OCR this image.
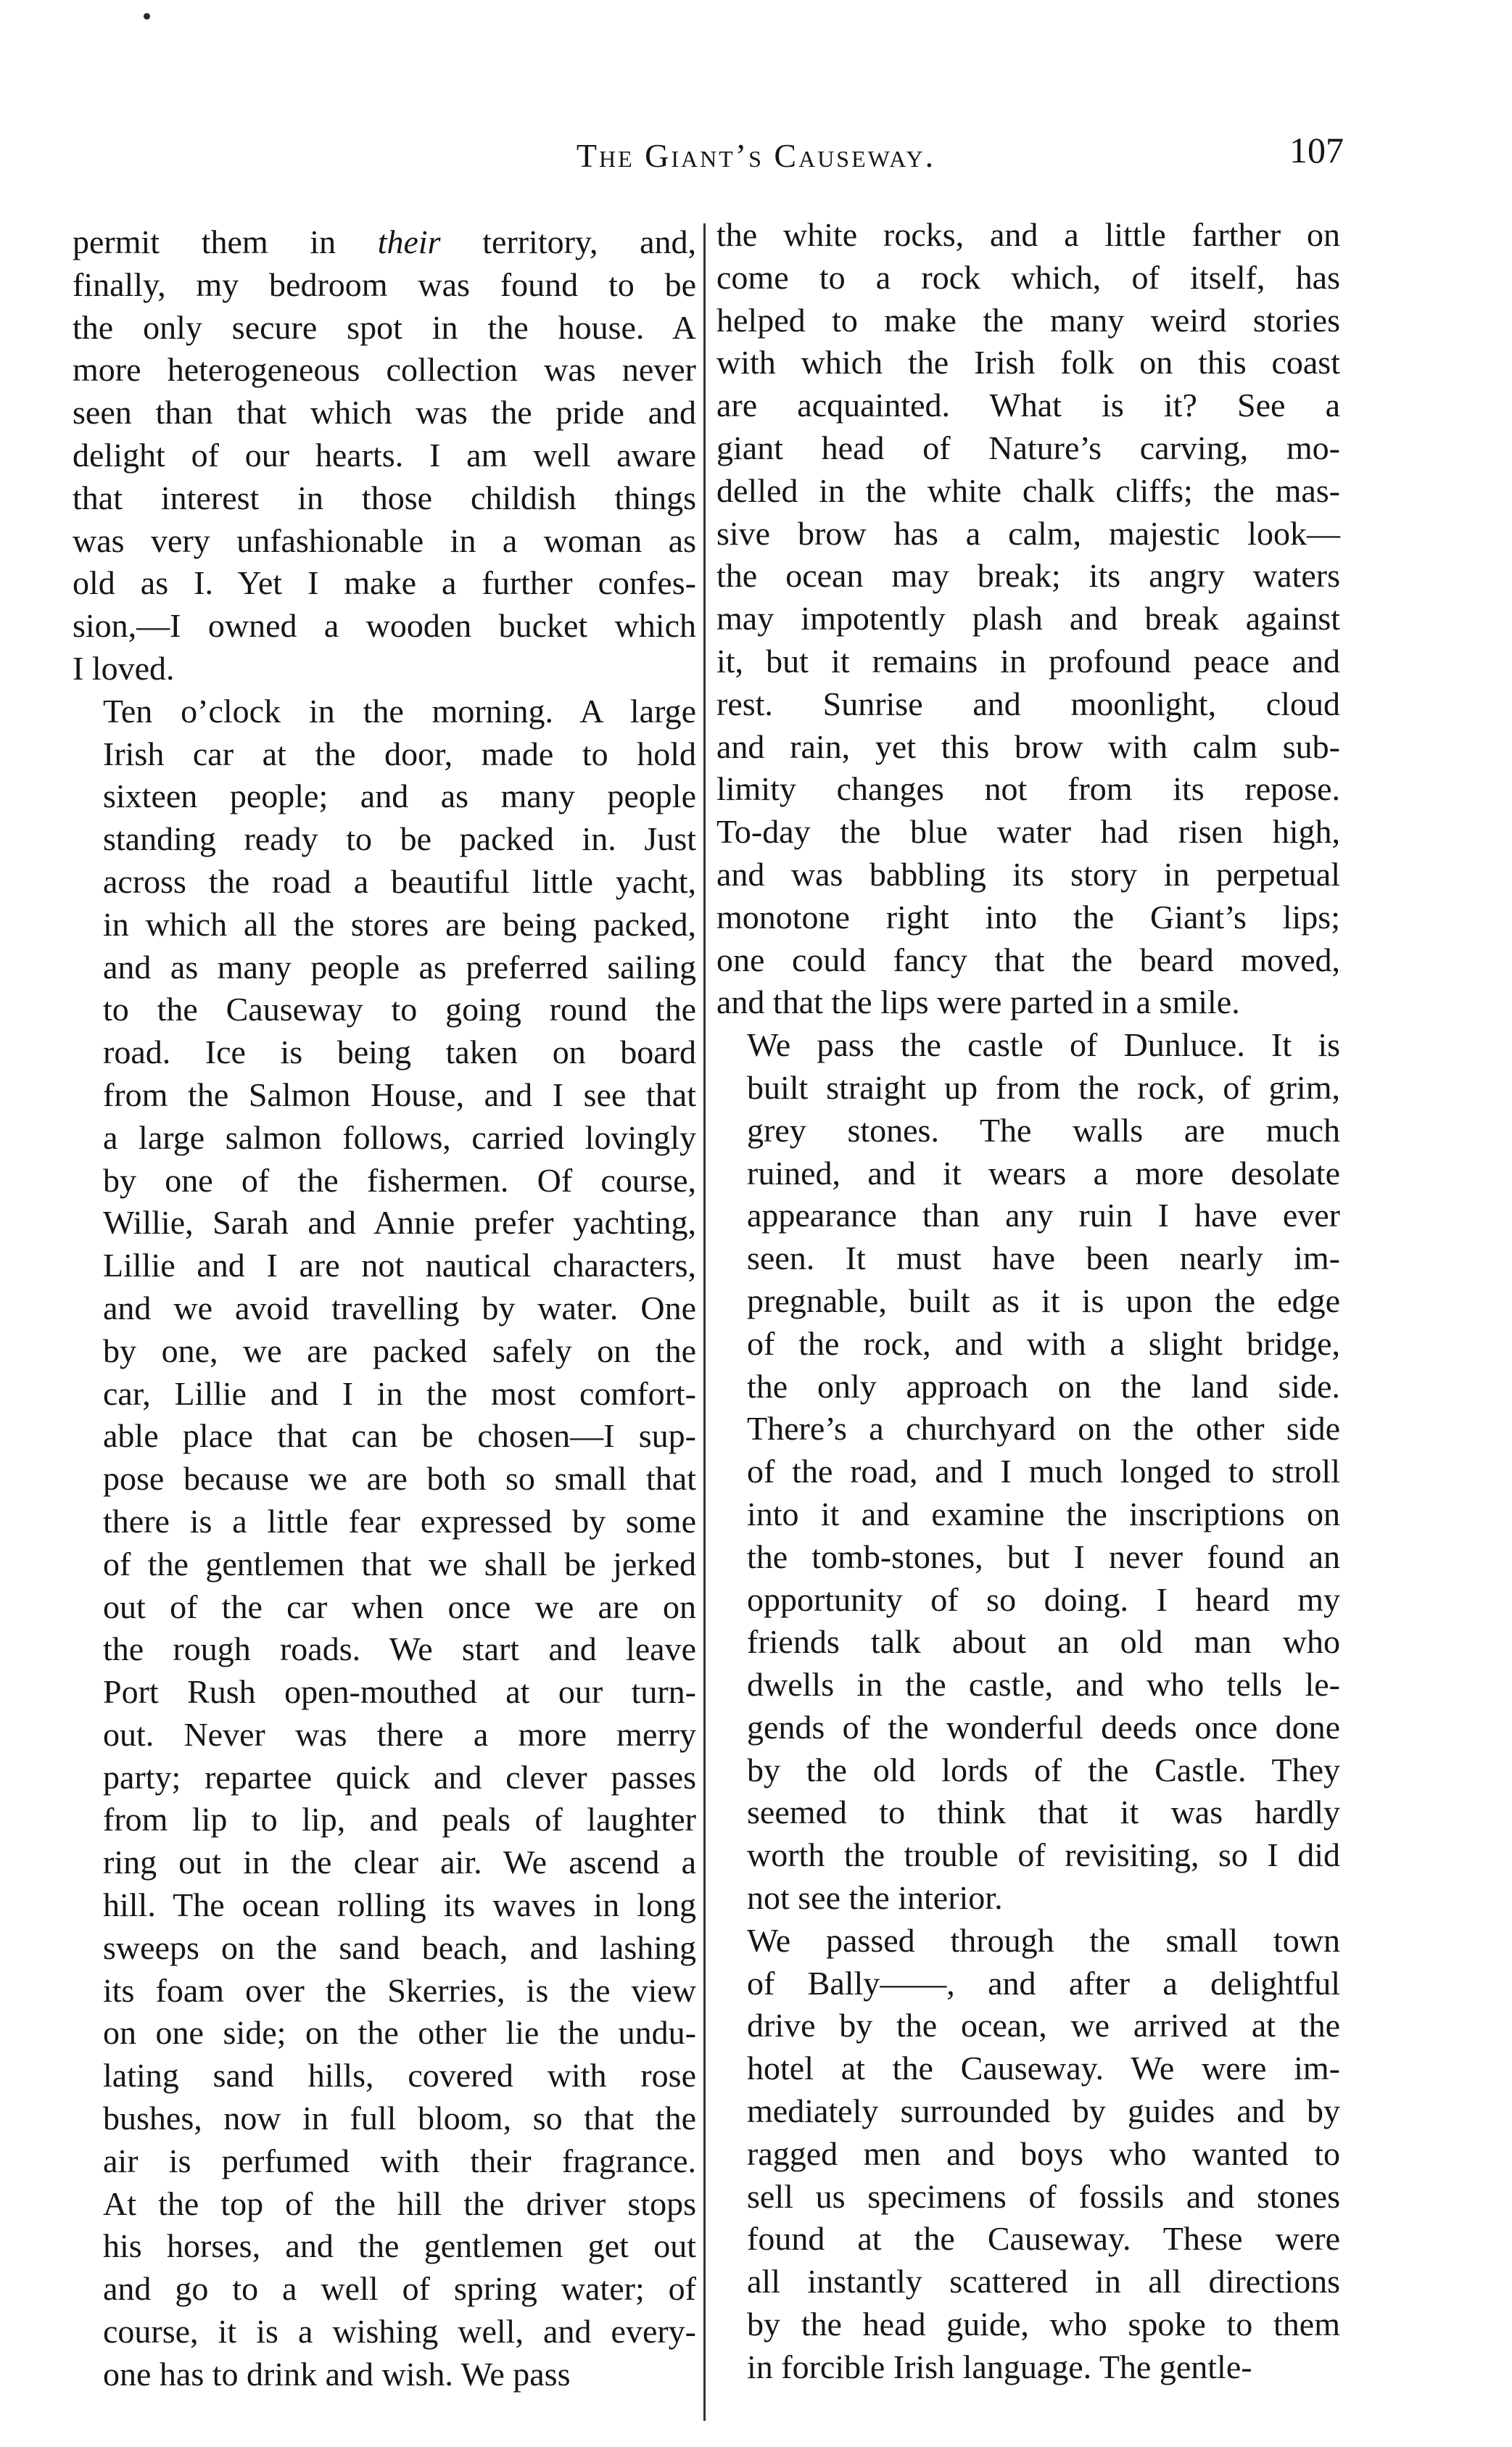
The Giant’s Causeway.	107

permit them in their territory, and,
finally, my bedroom was found to be
the only secure spot in the house. A
more heterogeneous collection was never
seen than that which was the pride and
delight of our hearts. I am well aware
that interest in those childish things
was very unfashionable in a woman as
old as I. Yet I make a further confes-
sion,—I owned a wooden bucket which
I loved.

Ten o’clock in the morning. A large
Irish car at the door, made to hold
sixteen people; and as many people
standing ready to be packed in. Just
across the road a beautiful little yacht,
in which all the stores are being packed,
and as many people as preferred sailing
to the Causeway to going round the
road. Ice is being taken on board
from the Salmon House, and I see that
a large salmon follows, carried lovingly
by one of the fishermen. Of course,
Willie, Sarah and Annie prefer yachting,
Lillie and I are not nautical characters,
and we avoid travelling by water. One
by one, we are packed safely on the
car, Lillie and I in the most comfort-
able place that can be chosen—I sup-
pose because we are both so small that
there is a little fear expressed by some
of the gentlemen that we shall be jerked
out of the car when once we are on
the rough roads. We start and leave
Port Rush open-mouthed at our turn-
out. Never was there a more merry
party; repartee quick and clever passes
from lip to lip, and peals of laughter
ring out in the clear air. We ascend a
hill. The ocean rolling its waves in long
sweeps on the sand beach, and lashing
its foam over the Skerries, is the view
on one side; on the other lie the undu-
lating sand hills, covered with rose
bushes, now in full bloom, so that the
air is perfumed with their fragrance.
At the top of the hill the driver stops
his horses, and the gentlemen get out
and go to a well of spring water; of
course, it is a wishing well, and every-
one has to drink and wish. We pass

the white rocks, and a little farther on
come to a rock which, of itself, has
helped to make the many weird stories
with which the Irish folk on this coast
are acquainted. What is it? See a
giant head of Nature’s carving, mo-
delled in the white chalk cliffs; the mas-
sive brow has a calm, majestic look—
the ocean may break; its angry waters
may impotently plash and break against
it, but it remains in profound peace and
rest. Sunrise and moonlight, cloud
and rain, yet this brow with calm sub-
limity changes not from its repose.
To-day the blue water had risen high,
and was babbling its story in perpetual
monotone right into the Giant’s lips;
one could fancy that the beard moved,
and that the lips were parted in a smile.

We pass the castle of Dunluce. It is
built straight up from the rock, of grim,
grey stones. The walls are much
ruined, and it wears a more desolate
appearance than any ruin I have ever
seen. It must have been nearly im-
pregnable, built as it is upon the edge
of the rock, and with a slight bridge,
the only approach on the land side.
There’s a churchyard on the other side
of the road, and I much longed to stroll
into it and examine the inscriptions on
the tomb-stones, but I never found an
opportunity of so doing. I heard my
friends talk about an old man who
dwells in the castle, and who tells le-
gends of the wonderful deeds once done
by the old lords of the Castle. They
seemed to think that it was hardly
worth the trouble of revisiting, so I did
not see the interior.

We passed through the small town
of Bally——, and after a delightful
drive by the ocean, we arrived at the
hotel at the Causeway. We were im-
mediately surrounded by guides and by
ragged men and boys who wanted to
sell us specimens of fossils and stones
found at the Causeway. These were
all instantly scattered in all directions
by the head guide, who spoke to them
in forcible Irish language. The gentle-
